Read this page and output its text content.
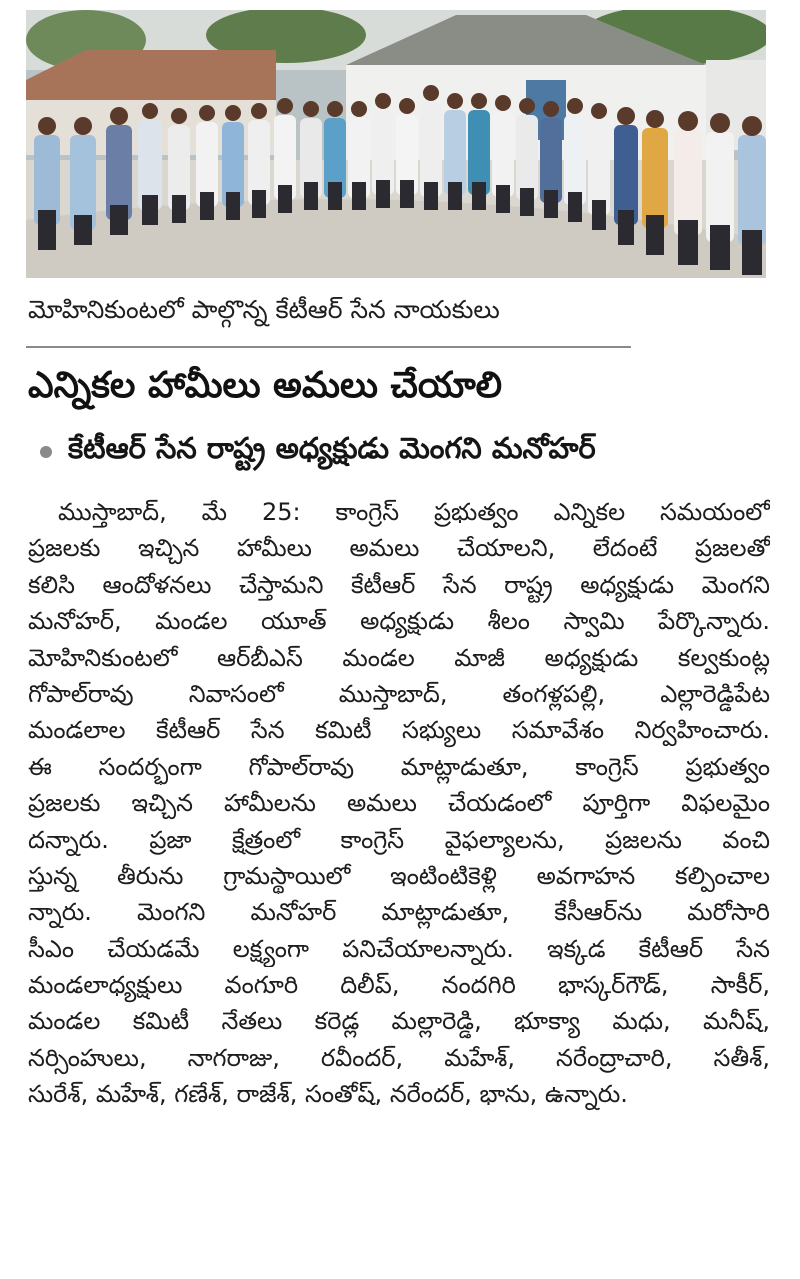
మోహినికుంటలో పాల్గొన్న కేటీఆర్ సేన నాయకులు
ఎన్నికల హామీలు అమలు చేయాలి
కేటీఆర్ సేన రాష్ట్ర అధ్యక్షుడు మెంగని మనోహర్
ముస్తాబాద్, మే 25: కాంగ్రెస్ ప్రభుత్వం ఎన్నికల సమయంలో
ప్రజలకు ఇచ్చిన హామీలు అమలు చేయాలని, లేదంటే ప్రజలతో
కలిసి ఆందోళనలు చేస్తామని కేటీఆర్ సేన రాష్ట్ర అధ్యక్షుడు మెంగని
మనోహర్, మండల యూత్ అధ్యక్షుడు శీలం స్వామి పేర్కొన్నారు.
మోహినికుంటలో ఆర్‌బీఎస్ మండల మాజీ అధ్యక్షుడు కల్వకుంట్ల
గోపాల్‌రావు నివాసంలో ముస్తాబాద్, తంగళ్లపల్లి, ఎల్లారెడ్డిపేట
మండలాల కేటీఆర్ సేన కమిటీ సభ్యులు సమావేశం నిర్వహించారు.
ఈ సందర్భంగా గోపాల్‌రావు మాట్లాడుతూ, కాంగ్రెస్ ప్రభుత్వం
ప్రజలకు ఇచ్చిన హామీలను అమలు చేయడంలో పూర్తిగా విఫలమైం
దన్నారు. ప్రజా క్షేత్రంలో కాంగ్రెస్ వైఫల్యాలను, ప్రజలను వంచి
స్తున్న తీరును గ్రామస్థాయిలో ఇంటింటికెళ్లి అవగాహన కల్పించాల
న్నారు. మెంగని మనోహర్ మాట్లాడుతూ, కేసీఆర్‌ను మరోసారి
సీఎం చేయడమే లక్ష్యంగా పనిచేయాలన్నారు. ఇక్కడ కేటీఆర్ సేన
మండలాధ్యక్షులు వంగూరి దిలీప్, నందగిరి భాస్కర్‌గౌడ్, సాకీర్,
మండల కమిటీ నేతలు కరెడ్ల మల్లారెడ్డి, భూక్యా మధు, మనీష్,
నర్సింహులు, నాగరాజు, రవీందర్, మహేశ్, నరేంద్రాచారి, సతీశ్,
సురేశ్, మహేశ్, గణేశ్, రాజేశ్, సంతోష్, నరేందర్, భాను, ఉన్నారు.
